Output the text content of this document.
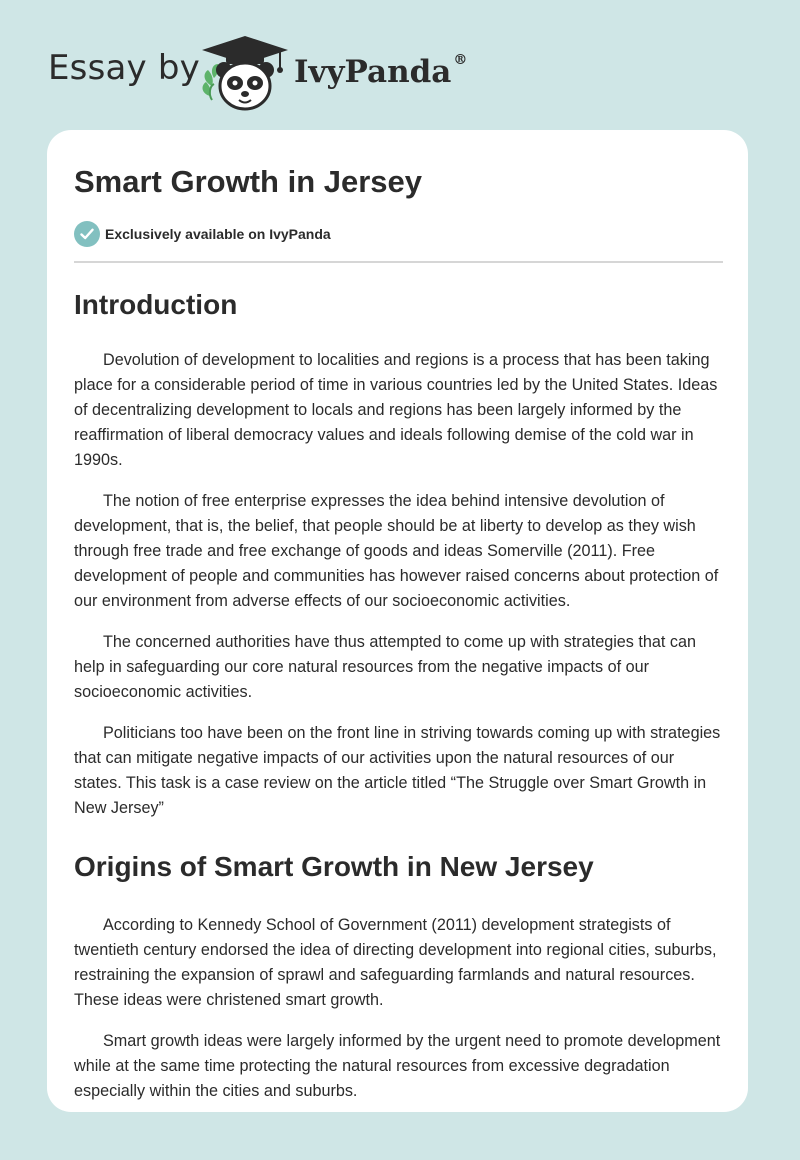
Essay by	IvyPanda ®
Smart Growth in Jersey
Exclusively available on IvyPanda
Introduction

Devolution of development to localities and regions is a process that has been taking place for a considerable period of time in various countries led by the United States. Ideas of decentralizing development to locals and regions has been largely informed by the reaffirmation of liberal democracy values and ideals following demise of the cold war in 1990s.

The notion of free enterprise expresses the idea behind intensive devolution of development, that is, the belief, that people should be at liberty to develop as they wish through free trade and free exchange of goods and ideas Somerville (2011). Free development of people and communities has however raised concerns about protection of our environment from adverse effects of our socioeconomic activities.

The concerned authorities have thus attempted to come up with strategies that can help in safeguarding our core natural resources from the negative impacts of our socioeconomic activities.

Politicians too have been on the front line in striving towards coming up with strategies that can mitigate negative impacts of our activities upon the natural resources of our states. This task is a case review on the article titled “The Struggle over Smart Growth in New Jersey”

Origins of Smart Growth in New Jersey

According to Kennedy School of Government (2011) development strategists of twentieth century endorsed the idea of directing development into regional cities, suburbs, restraining the expansion of sprawl and safeguarding farmlands and natural resources. These ideas were christened smart growth.

Smart growth ideas were largely informed by the urgent need to promote development while at the same time protecting the natural resources from excessive degradation especially within the cities and suburbs.
